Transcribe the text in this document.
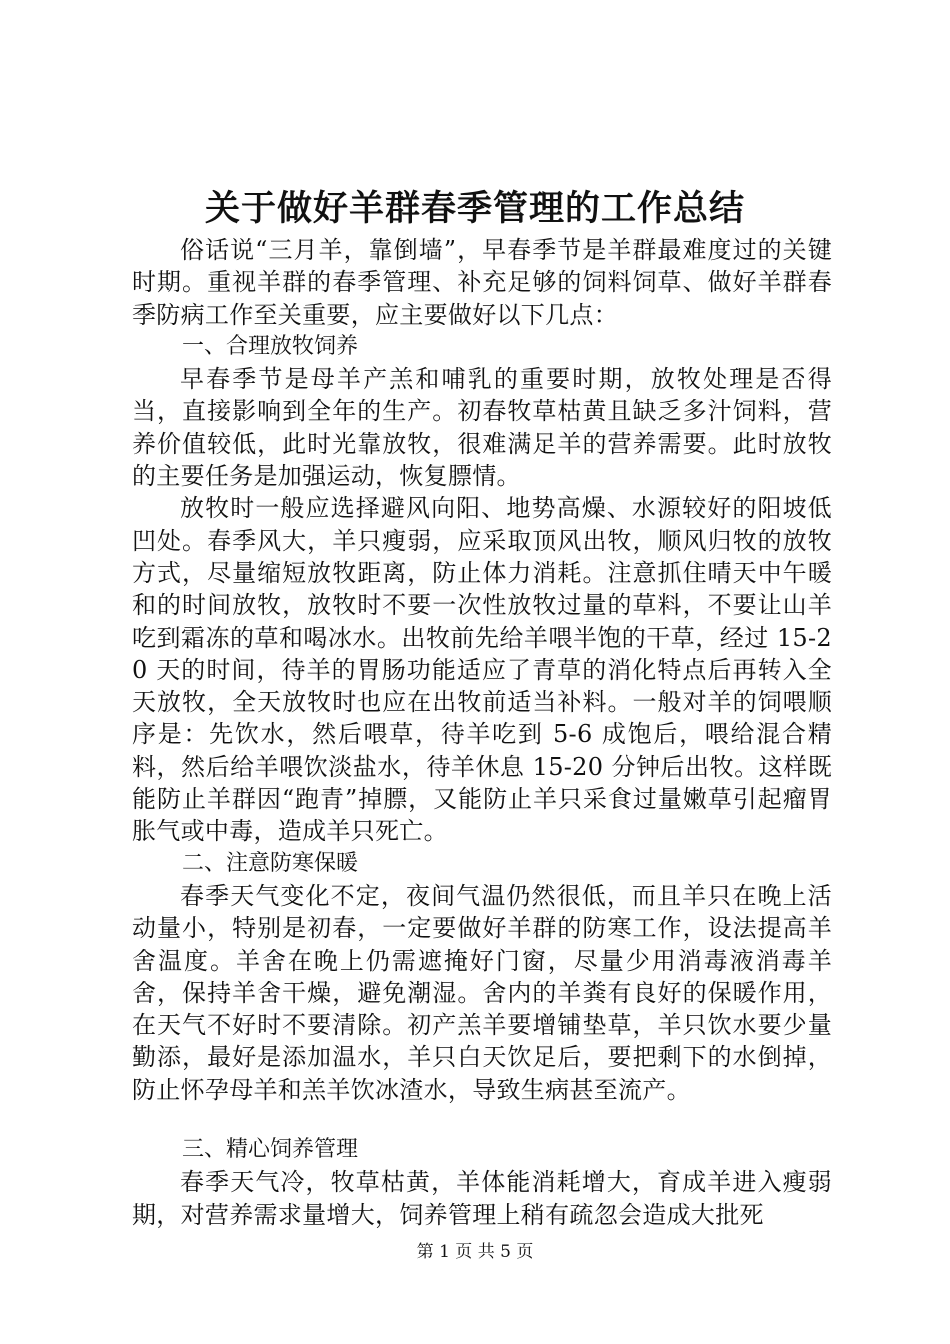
关于做好羊群春季管理的工作总结

俗话说“三月羊，靠倒墙”，早春季节是羊群最难度过的关键时期。重视羊群的春季管理、补充足够的饲料饲草、做好羊群春季防病工作至关重要，应主要做好以下几点：

一、合理放牧饲养

早春季节是母羊产羔和哺乳的重要时期，放牧处理是否得当，直接影响到全年的生产。初春牧草枯黄且缺乏多汁饲料，营养价值较低，此时光靠放牧，很难满足羊的营养需要。此时放牧的主要任务是加强运动，恢复膘情。

放牧时一般应选择避风向阳、地势高燥、水源较好的阳坡低凹处。春季风大，羊只瘦弱，应采取顶风出牧，顺风归牧的放牧方式，尽量缩短放牧距离，防止体力消耗。注意抓住晴天中午暖和的时间放牧，放牧时不要一次性放牧过量的草料，不要让山羊吃到霜冻的草和喝冰水。出牧前先给羊喂半饱的干草，经过 15-20 天的时间，待羊的胃肠功能适应了青草的消化特点后再转入全天放牧，全天放牧时也应在出牧前适当补料。一般对羊的饲喂顺序是：先饮水，然后喂草，待羊吃到 5-6 成饱后，喂给混合精料，然后给羊喂饮淡盐水，待羊休息 15-20 分钟后出牧。这样既能防止羊群因“跑青”掉膘，又能防止羊只采食过量嫩草引起瘤胃胀气或中毒，造成羊只死亡。

二、注意防寒保暖

春季天气变化不定，夜间气温仍然很低，而且羊只在晚上活动量小，特别是初春，一定要做好羊群的防寒工作，设法提高羊舍温度。羊舍在晚上仍需遮掩好门窗，尽量少用消毒液消毒羊舍，保持羊舍干燥，避免潮湿。舍内的羊粪有良好的保暖作用，在天气不好时不要清除。初产羔羊要增铺垫草，羊只饮水要少量勤添，最好是添加温水，羊只白天饮足后，要把剩下的水倒掉，防止怀孕母羊和羔羊饮冰渣水，导致生病甚至流产。

三、精心饲养管理

春季天气冷，牧草枯黄，羊体能消耗增大，育成羊进入瘦弱期，对营养需求量增大，饲养管理上稍有疏忽会造成大批死

第 1 页 共 5 页
